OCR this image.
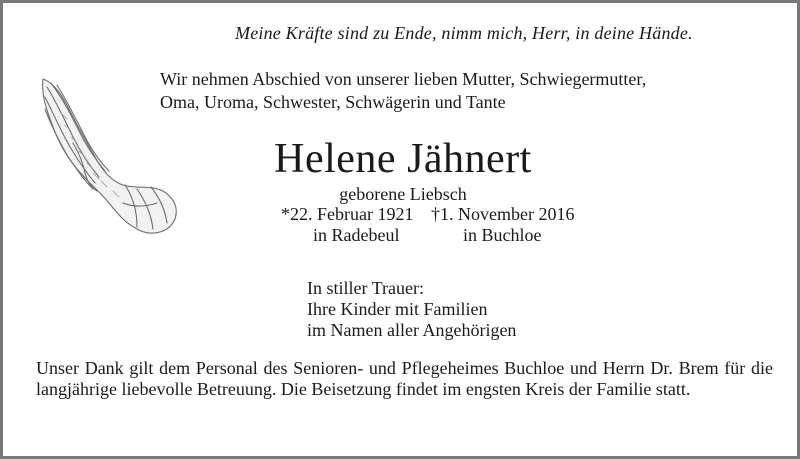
Meine Kräfte sind zu Ende, nimm mich, Herr, in deine Hände.
Wir nehmen Abschied von unserer lieben Mutter, Schwiegermutter,
Oma, Uroma, Schwester, Schwägerin und Tante
Helene Jähnert
geborene Liebsch
*22. Februar 1921 †1. November 2016
in Radebeul	in Buchloe
In stiller Trauer:
Ihre Kinder mit Familien
im Namen aller Angehörigen
Unser Dank gilt dem Personal des Senioren- und Pflegeheimes Buchloe und Herrn Dr. Brem für die langjährige liebevolle Betreuung. Die Beisetzung findet im engsten Kreis der Familie statt.
